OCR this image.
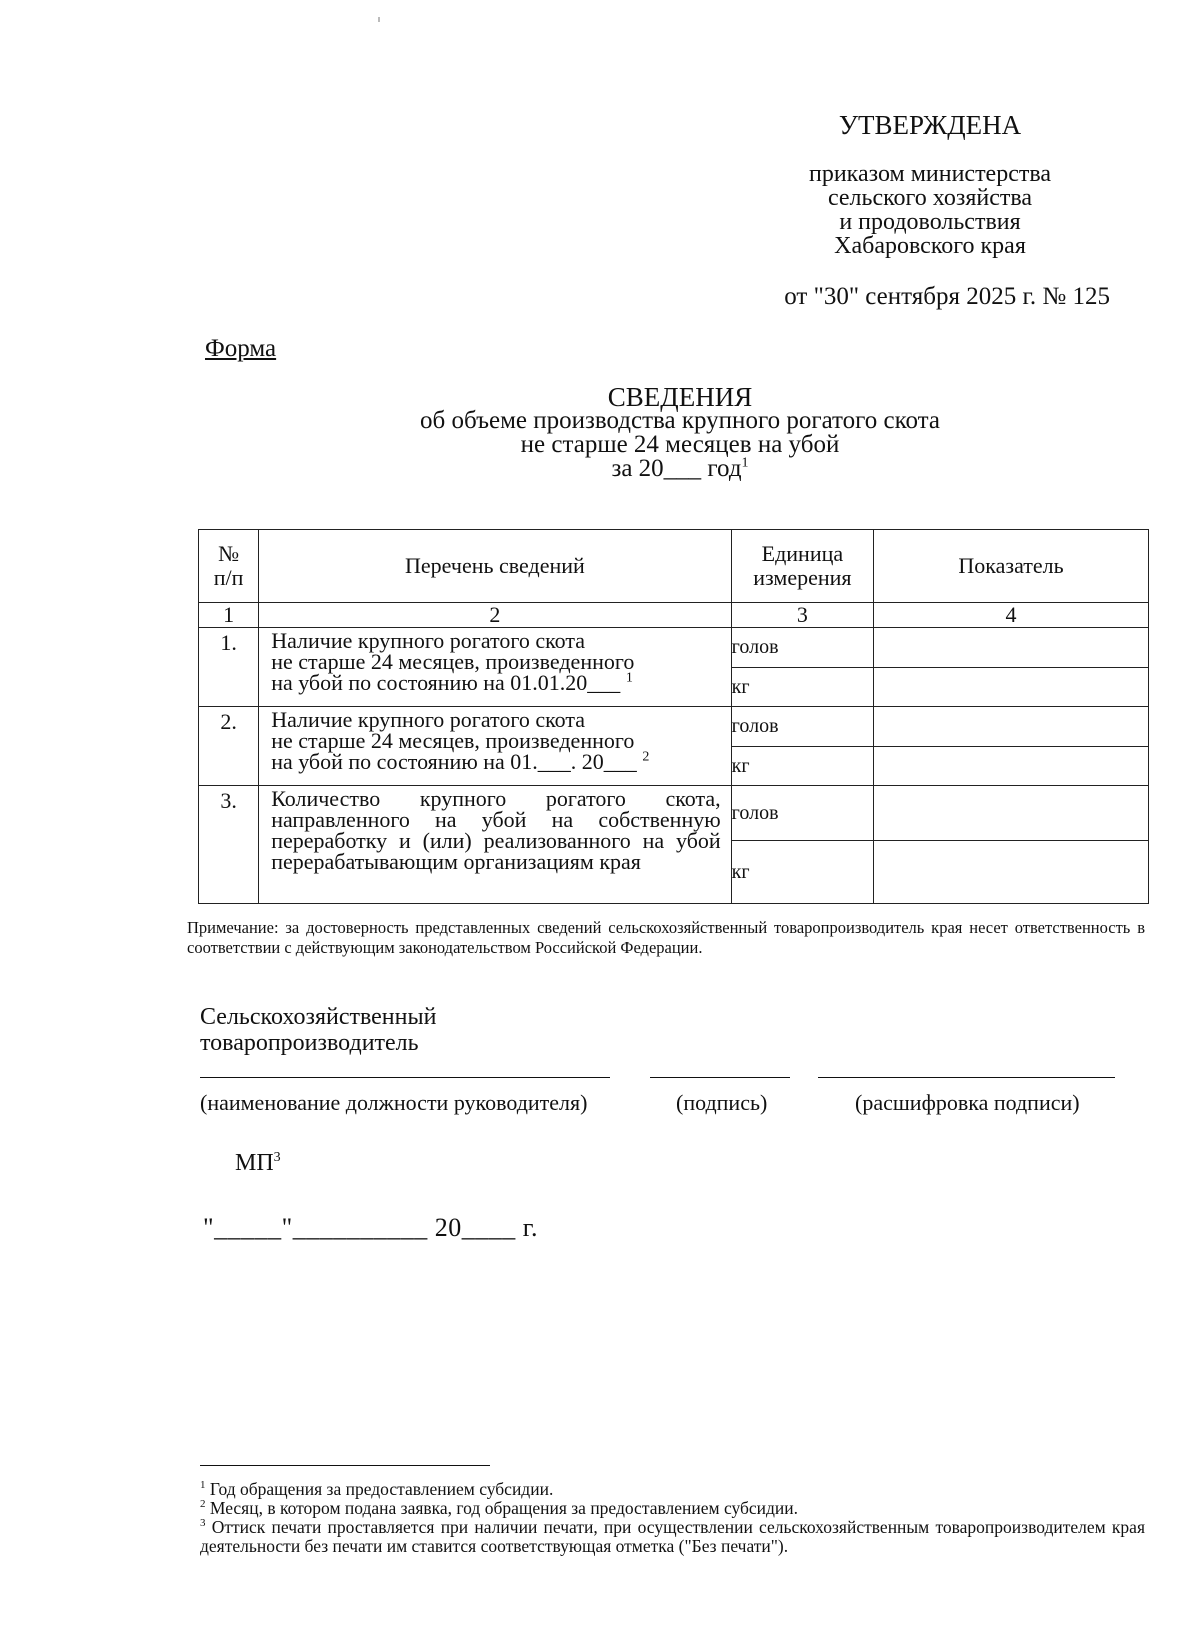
УТВЕРЖДЕНА
приказом министерства
сельского хозяйства
и продовольствия
Хабаровского края
от "30" сентября 2025 г. № 125
Форма
СВЕДЕНИЯ
об объеме производства крупного рогатого скота
не старше 24 месяцев на убой
за 20___ год$^1$
№ п/п	Перечень сведений	Единица измерения	Показатель
1	2	3	4
1.	Наличие крупного рогатого скота
не старше 24 месяцев, произведенного
на убой по состоянию на 01.01.20___ $^1$	голов	
		кг	
2.	Наличие крупного рогатого скота
не старше 24 месяцев, произведенного
на убой по состоянию на 01.___. 20___ $^2$	голов	
		кг	
3.	Количество крупного рогатого скота, направленного на убой на собственную переработку и (или) реализованного на убой перерабатывающим организациям края	голов	
		кг	
Примечание: за достоверность представленных сведений сельскохозяйственный товаропроизводитель края несет ответственность в соответствии с действующим законодательством Российской Федерации.
Сельскохозяйственный
товаропроизводитель
(наименование должности руководителя)	(подпись)	(расшифровка подписи)
$МП^3$
"_____"__________ 20____ г.
$^1$ Год обращения за предоставлением субсидии.
$^2$ Месяц, в котором подана заявка, год обращения за предоставлением субсидии.
$^3$ Оттиск печати проставляется при наличии печати, при осуществлении сельскохозяйственным товаропроизводителем края деятельности без печати им ставится соответствующая отметка ("Без печати").
